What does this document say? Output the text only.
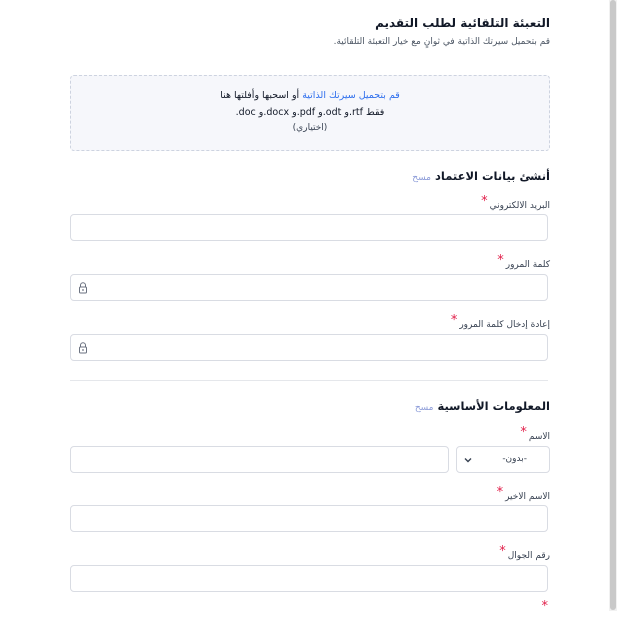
التعبئة التلقائية لطلب التقديم
قم بتحميل سيرتك الذاتية في ثوانٍ مع خيار التعبئة التلقائية.
قم بتحميل سيرتك الذاتية أو اسحبها وأفلتها هنا
.doc و.docx و.pdf و.odt و.rtf فقط
(اختياري)
أنشئ بيانات الاعتمادمسح
البريد الالكتروني*
كلمة المرور*
إعادة إدخال كلمة المرور*
المعلومات الأساسيةمسح
الاسم*
-بدون-
الاسم الاخير*
رقم الجوال*
*
